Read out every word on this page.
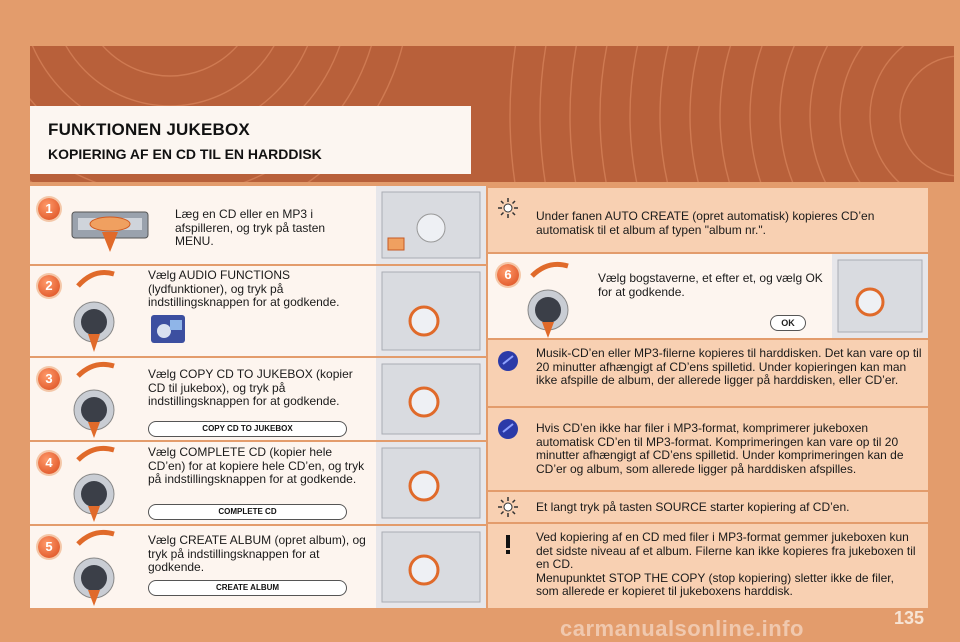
FUNKTIONEN JUKEBOX
KOPIERING AF EN CD TIL EN HARDDISK
Læg en CD eller en MP3 i afspilleren, og tryk på tasten MENU.
1
Vælg AUDIO FUNCTIONS (lydfunktioner), og tryk på indstillingsknappen for at godkende.
2
Vælg COPY CD TO JUKEBOX (kopier CD til jukebox), og tryk på indstillingsknappen for at godkende.
COPY CD TO JUKEBOX
3
Vælg COMPLETE CD (kopier hele CD’en) for at kopiere hele CD’en, og tryk på indstillingsknappen for at godkende.
COMPLETE CD
4
Vælg CREATE ALBUM (opret album), og tryk på indstillingsknappen for at godkende.
CREATE ALBUM
5
Under fanen AUTO CREATE (opret automatisk) kopieres CD’en automatisk til et album af typen "album nr.".
Vælg bogstaverne, et efter et, og vælg OK for at godkende.
OK
6
Musik-CD’en eller MP3-filerne kopieres til harddisken. Det kan vare op til 20 minutter afhængigt af CD’ens spilletid. Under kopieringen kan man ikke afspille de album, der allerede ligger på harddisken, eller CD’er.
Hvis CD’en ikke har filer i MP3-format, komprimerer jukeboxen automatisk CD’en til MP3-format. Komprimeringen kan vare op til 20 minutter afhængigt af CD’ens spilletid. Under komprimeringen kan de CD’er og album, som allerede ligger på harddisken afspilles.
Et langt tryk på tasten SOURCE starter kopiering af CD’en.
Ved kopiering af en CD med filer i MP3-format gemmer jukeboxen kun det sidste niveau af et album. Filerne kan ikke kopieres fra jukeboxen til en CD.
Menupunktet STOP THE COPY (stop kopiering) sletter ikke de filer, som allerede er kopieret til jukeboxens harddisk.
carmanualsonline.info	135
